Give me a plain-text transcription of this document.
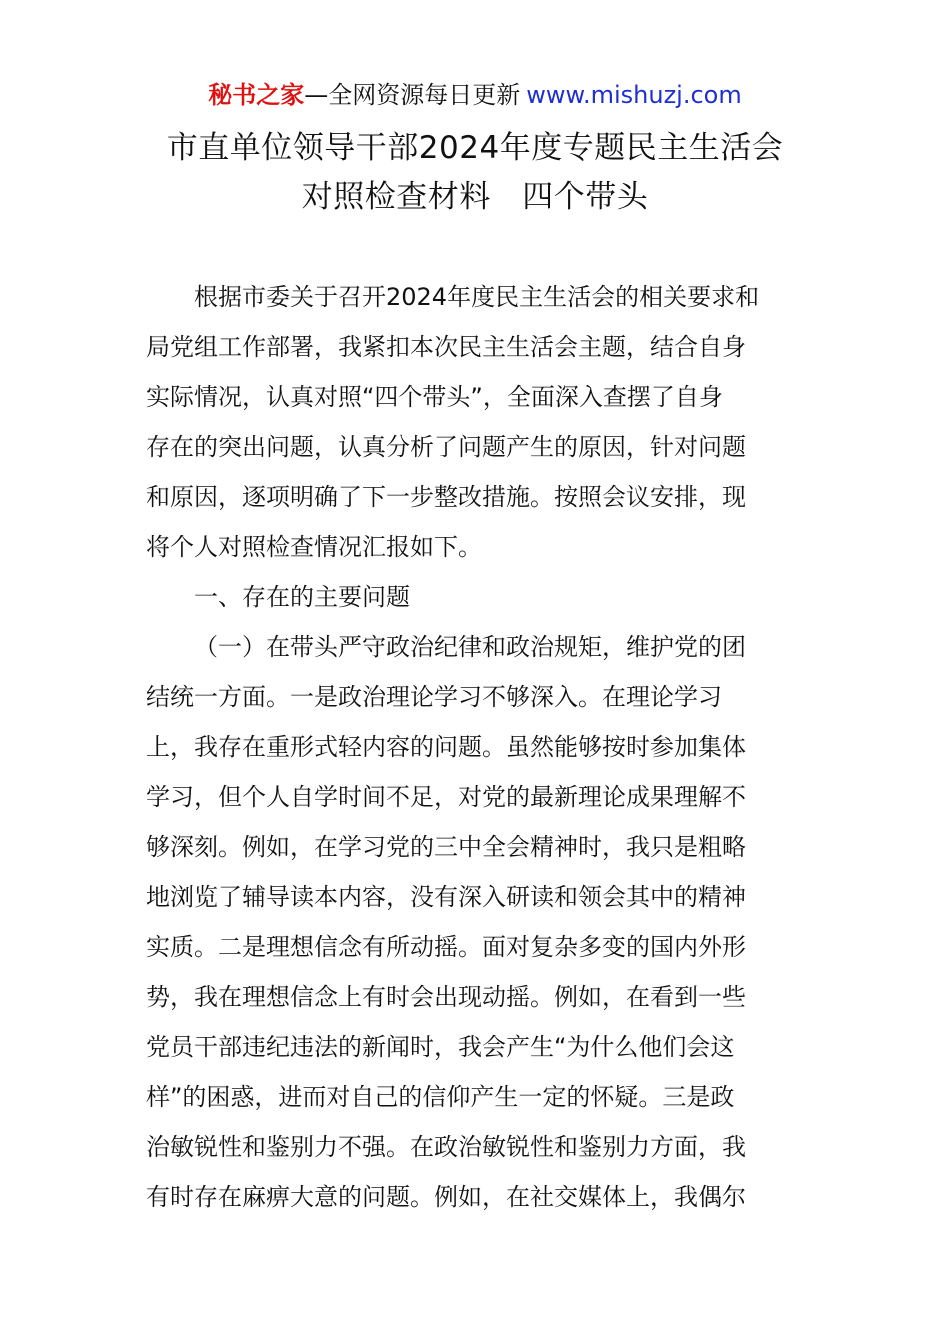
秘书之家—全网资源每日更新 www.mishuzj.com
市直单位领导干部2024年度专题民主生活会
对照检查材料　四个带头
根据市委关于召开2024年度民主生活会的相关要求和
局党组工作部署，我紧扣本次民主生活会主题，结合自身
实际情况，认真对照“四个带头”，全面深入查摆了自身
存在的突出问题，认真分析了问题产生的原因，针对问题
和原因，逐项明确了下一步整改措施。按照会议安排，现
将个人对照检查情况汇报如下。
一、存在的主要问题
（一）在带头严守政治纪律和政治规矩，维护党的团
结统一方面。一是政治理论学习不够深入。在理论学习
上，我存在重形式轻内容的问题。虽然能够按时参加集体
学习，但个人自学时间不足，对党的最新理论成果理解不
够深刻。例如，在学习党的三中全会精神时，我只是粗略
地浏览了辅导读本内容，没有深入研读和领会其中的精神
实质。二是理想信念有所动摇。面对复杂多变的国内外形
势，我在理想信念上有时会出现动摇。例如，在看到一些
党员干部违纪违法的新闻时，我会产生“为什么他们会这
样”的困惑，进而对自己的信仰产生一定的怀疑。三是政
治敏锐性和鉴别力不强。在政治敏锐性和鉴别力方面，我
有时存在麻痹大意的问题。例如，在社交媒体上，我偶尔
